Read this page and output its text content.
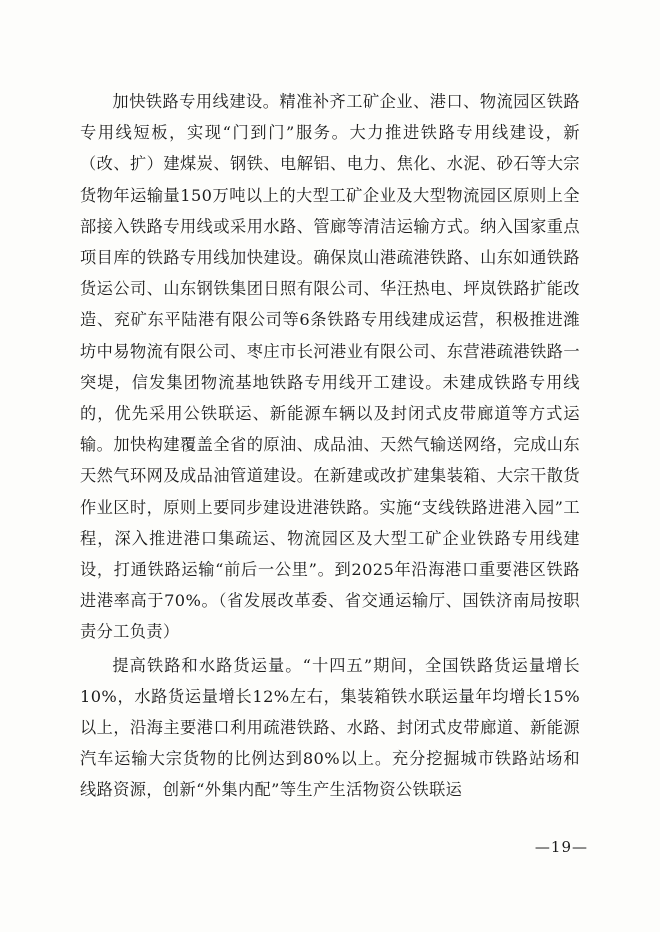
加快铁路专用线建设。精准补齐工矿企业、港口、物流园区铁路专用线短板，实现“门到门”服务。大力推进铁路专用线建设，新（改、扩）建煤炭、钢铁、电解铝、电力、焦化、水泥、砂石等大宗货物年运输量150万吨以上的大型工矿企业及大型物流园区原则上全部接入铁路专用线或采用水路、管廊等清洁运输方式。纳入国家重点项目库的铁路专用线加快建设。确保岚山港疏港铁路、山东如通铁路货运公司、山东钢铁集团日照有限公司、华汪热电、坪岚铁路扩能改造、兖矿东平陆港有限公司等6条铁路专用线建成运营，积极推进潍坊中易物流有限公司、枣庄市长河港业有限公司、东营港疏港铁路一突堤，信发集团物流基地铁路专用线开工建设。未建成铁路专用线的，优先采用公铁联运、新能源车辆以及封闭式皮带廊道等方式运输。加快构建覆盖全省的原油、成品油、天然气输送网络，完成山东天然气环网及成品油管道建设。在新建或改扩建集装箱、大宗干散货作业区时，原则上要同步建设进港铁路。实施“支线铁路进港入园”工程，深入推进港口集疏运、物流园区及大型工矿企业铁路专用线建设，打通铁路运输“前后一公里”。到2025年沿海港口重要港区铁路进港率高于70%。（省发展改革委、省交通运输厅、国铁济南局按职责分工负责）

提高铁路和水路货运量。“十四五”期间，全国铁路货运量增长10%，水路货运量增长12%左右，集装箱铁水联运量年均增长15%以上，沿海主要港口利用疏港铁路、水路、封闭式皮带廊道、新能源汽车运输大宗货物的比例达到80%以上。充分挖掘城市铁路站场和线路资源，创新“外集内配”等生产生活物资公铁联运

—19—
